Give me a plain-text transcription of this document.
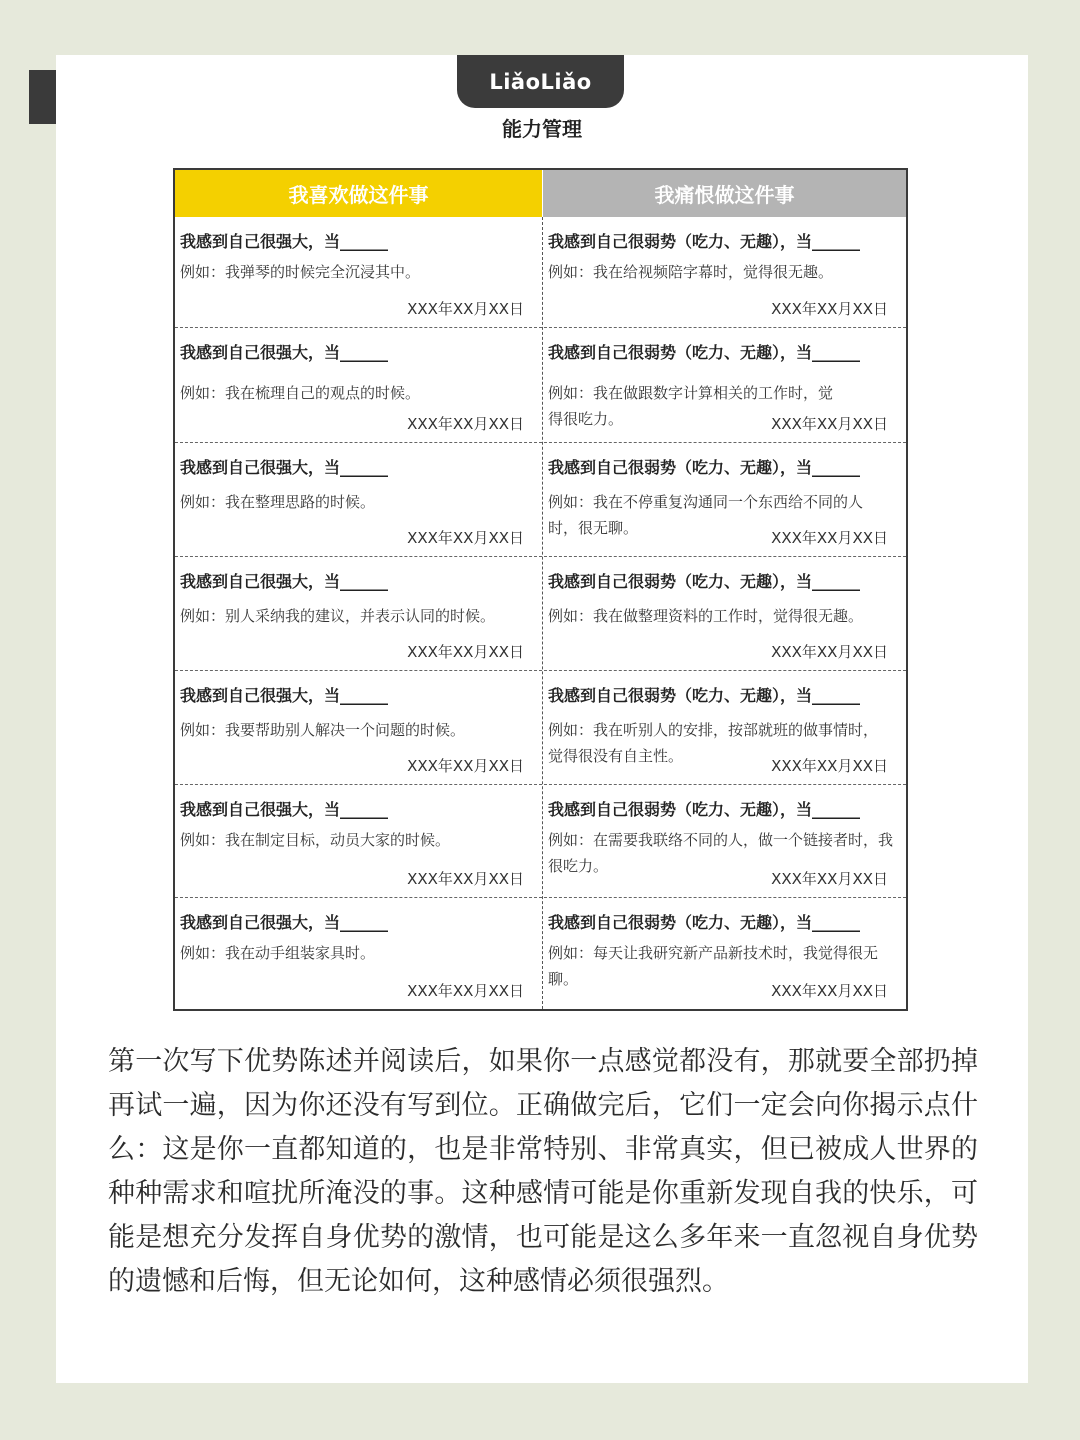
LiǎoLiǎo
能力管理
我喜欢做这件事	我痛恨做这件事
我感到自己很强大，当______
例如：我弹琴的时候完全沉浸其中。
XXX年XX月XX日
我感到自己很弱势（吃力、无趣），当______
例如：我在给视频陪字幕时，觉得很无趣。
XXX年XX月XX日
我感到自己很强大，当______
例如：我在梳理自己的观点的时候。
XXX年XX月XX日
我感到自己很弱势（吃力、无趣），当______
例如：我在做跟数字计算相关的工作时，觉得很吃力。	XXX年XX月XX日
我感到自己很强大，当______
例如：我在整理思路的时候。
XXX年XX月XX日
我感到自己很弱势（吃力、无趣），当______
例如：我在不停重复沟通同一个东西给不同的人时，很无聊。
XXX年XX月XX日
我感到自己很强大，当______
例如：别人采纳我的建议，并表示认同的时候。
XXX年XX月XX日
我感到自己很弱势（吃力、无趣），当______
例如：我在做整理资料的工作时，觉得很无趣。
XXX年XX月XX日
我感到自己很强大，当______
例如：我要帮助别人解决一个问题的时候。
XXX年XX月XX日
我感到自己很弱势（吃力、无趣），当______
例如：我在听别人的安排，按部就班的做事情时，觉得很没有自主性。
XXX年XX月XX日
我感到自己很强大，当______
例如：我在制定目标，动员大家的时候。
XXX年XX月XX日
我感到自己很弱势（吃力、无趣），当______
例如：在需要我联络不同的人，做一个链接者时，我很吃力。
XXX年XX月XX日
我感到自己很强大，当______
例如：我在动手组装家具时。
XXX年XX月XX日
我感到自己很弱势（吃力、无趣），当______
例如：每天让我研究新产品新技术时，我觉得很无聊。
XXX年XX月XX日
第一次写下优势陈述并阅读后，如果你一点感觉都没有，那就要全部扔掉再试一遍，因为你还没有写到位。正确做完后，它们一定会向你揭示点什么：这是你一直都知道的，也是非常特别、非常真实，但已被成人世界的种种需求和喧扰所淹没的事。这种感情可能是你重新发现自我的快乐，可能是想充分发挥自身优势的激情，也可能是这么多年来一直忽视自身优势的遗憾和后悔，但无论如何，这种感情必须很强烈。
